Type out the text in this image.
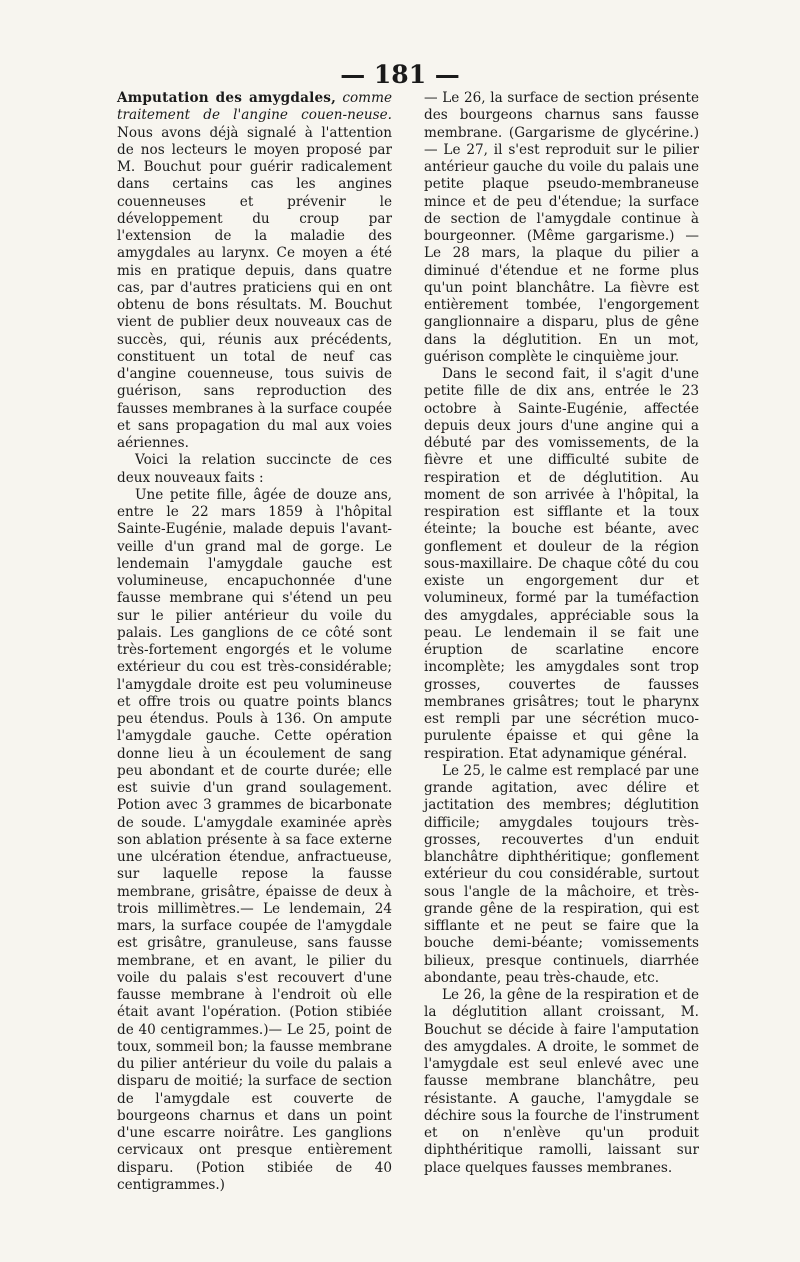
— 181 —

Amputation des amygdales, comme traitement de l'angine couen-neuse. Nous avons déjà signalé à l'attention de nos lecteurs le moyen proposé par M. Bouchut pour guérir radicalement dans certains cas les angines couenneuses et prévenir le développement du croup par l'extension de la maladie des amygdales au larynx. Ce moyen a été mis en pratique depuis, dans quatre cas, par d'autres praticiens qui en ont obtenu de bons résultats. M. Bouchut vient de publier deux nouveaux cas de succès, qui, réunis aux précédents, constituent un total de neuf cas d'angine couenneuse, tous suivis de guérison, sans reproduction des fausses membranes à la surface coupée et sans propagation du mal aux voies aériennes.

Voici la relation succincte de ces deux nouveaux faits :

Une petite fille, âgée de douze ans, entre le 22 mars 1859 à l'hôpital Sainte-Eugénie, malade depuis l'avant-veille d'un grand mal de gorge. Le lendemain l'amygdale gauche est volumineuse, encapuchonnée d'une fausse membrane qui s'étend un peu sur le pilier antérieur du voile du palais. Les ganglions de ce côté sont très-fortement engorgés et le volume extérieur du cou est très-considérable; l'amygdale droite est peu volumineuse et offre trois ou quatre points blancs peu étendus. Pouls à 136. On ampute l'amygdale gauche. Cette opération donne lieu à un écoulement de sang peu abondant et de courte durée; elle est suivie d'un grand soulagement. Potion avec 3 grammes de bicarbonate de soude. L'amygdale examinée après son ablation présente à sa face externe une ulcération étendue, anfractueuse, sur laquelle repose la fausse membrane, grisâtre, épaisse de deux à trois millimètres.— Le lendemain, 24 mars, la surface coupée de l'amygdale est grisâtre, granuleuse, sans fausse membrane, et en avant, le pilier du voile du palais s'est recouvert d'une fausse membrane à l'endroit où elle était avant l'opération. (Potion stibiée de 40 centigrammes.)— Le 25, point de toux, sommeil bon; la fausse membrane du pilier antérieur du voile du palais a disparu de moitié; la surface de section de l'amygdale est couverte de bourgeons charnus et dans un point d'une escarre noirâtre. Les ganglions cervicaux ont presque entièrement disparu. (Potion stibiée de 40 centigrammes.)

— Le 26, la surface de section présente des bourgeons charnus sans fausse membrane. (Gargarisme de glycérine.) — Le 27, il s'est reproduit sur le pilier antérieur gauche du voile du palais une petite plaque pseudo-membraneuse mince et de peu d'étendue; la surface de section de l'amygdale continue à bourgeonner. (Même gargarisme.) — Le 28 mars, la plaque du pilier a diminué d'étendue et ne forme plus qu'un point blanchâtre. La fièvre est entièrement tombée, l'engorgement ganglionnaire a disparu, plus de gêne dans la déglutition. En un mot, guérison complète le cinquième jour.

Dans le second fait, il s'agit d'une petite fille de dix ans, entrée le 23 octobre à Sainte-Eugénie, affectée depuis deux jours d'une angine qui a débuté par des vomissements, de la fièvre et une difficulté subite de respiration et de déglutition. Au moment de son arrivée à l'hôpital, la respiration est sifflante et la toux éteinte; la bouche est béante, avec gonflement et douleur de la région sous-maxillaire. De chaque côté du cou existe un engorgement dur et volumineux, formé par la tuméfaction des amygdales, appréciable sous la peau. Le lendemain il se fait une éruption de scarlatine encore incomplète; les amygdales sont trop grosses, couvertes de fausses membranes grisâtres; tout le pharynx est rempli par une sécrétion muco-purulente épaisse et qui gêne la respiration. Etat adynamique général.

Le 25, le calme est remplacé par une grande agitation, avec délire et jactitation des membres; déglutition difficile; amygdales toujours très-grosses, recouvertes d'un enduit blanchâtre diphthéritique; gonflement extérieur du cou considérable, surtout sous l'angle de la mâchoire, et très-grande gêne de la respiration, qui est sifflante et ne peut se faire que la bouche demi-béante; vomissements bilieux, presque continuels, diarrhée abondante, peau très-chaude, etc.

Le 26, la gêne de la respiration et de la déglutition allant croissant, M. Bouchut se décide à faire l'amputation des amygdales. A droite, le sommet de l'amygdale est seul enlevé avec une fausse membrane blanchâtre, peu résistante. A gauche, l'amygdale se déchire sous la fourche de l'instrument et on n'enlève qu'un produit diphthéritique ramolli, laissant sur place quelques fausses membranes.
